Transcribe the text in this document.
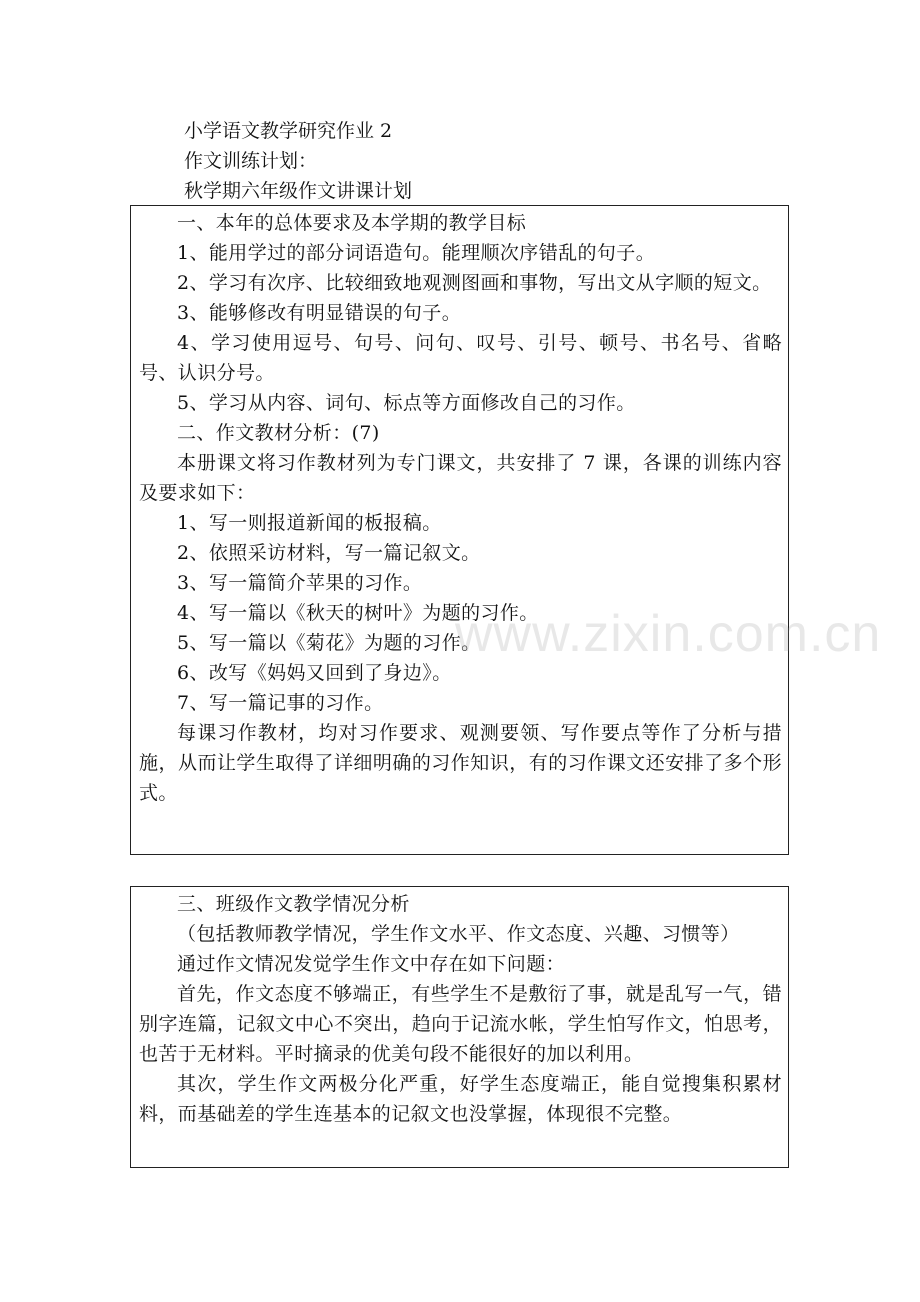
小学语文教学研究作业 2
作文训练计划：
秋学期六年级作文讲课计划

一、本年的总体要求及本学期的教学目标

1、能用学过的部分词语造句。能理顺次序错乱的句子。

2、学习有次序、比较细致地观测图画和事物，写出文从字顺的短文。

3、能够修改有明显错误的句子。

4、学习使用逗号、句号、问句、叹号、引号、顿号、书名号、省略号、认识分号。

5、学习从内容、词句、标点等方面修改自己的习作。

二、作文教材分析：(7)

本册课文将习作教材列为专门课文，共安排了 7 课，各课的训练内容及要求如下：

1、写一则报道新闻的板报稿。

2、依照采访材料，写一篇记叙文。

3、写一篇简介苹果的习作。

4、写一篇以《秋天的树叶》为题的习作。

5、写一篇以《菊花》为题的习作。

6、改写《妈妈又回到了身边》。

7、写一篇记事的习作。

每课习作教材，均对习作要求、观测要领、写作要点等作了分析与措施，从而让学生取得了详细明确的习作知识，有的习作课文还安排了多个形式。

三、班级作文教学情况分析

（包括教师教学情况，学生作文水平、作文态度、兴趣、习惯等）

通过作文情况发觉学生作文中存在如下问题：

首先，作文态度不够端正，有些学生不是敷衍了事，就是乱写一气，错别字连篇，记叙文中心不突出，趋向于记流水帐，学生怕写作文，怕思考，也苦于无材料。平时摘录的优美句段不能很好的加以利用。

其次，学生作文两极分化严重，好学生态度端正，能自觉搜集积累材料，而基础差的学生连基本的记叙文也没掌握，体现很不完整。

www.zixin.com.cn
